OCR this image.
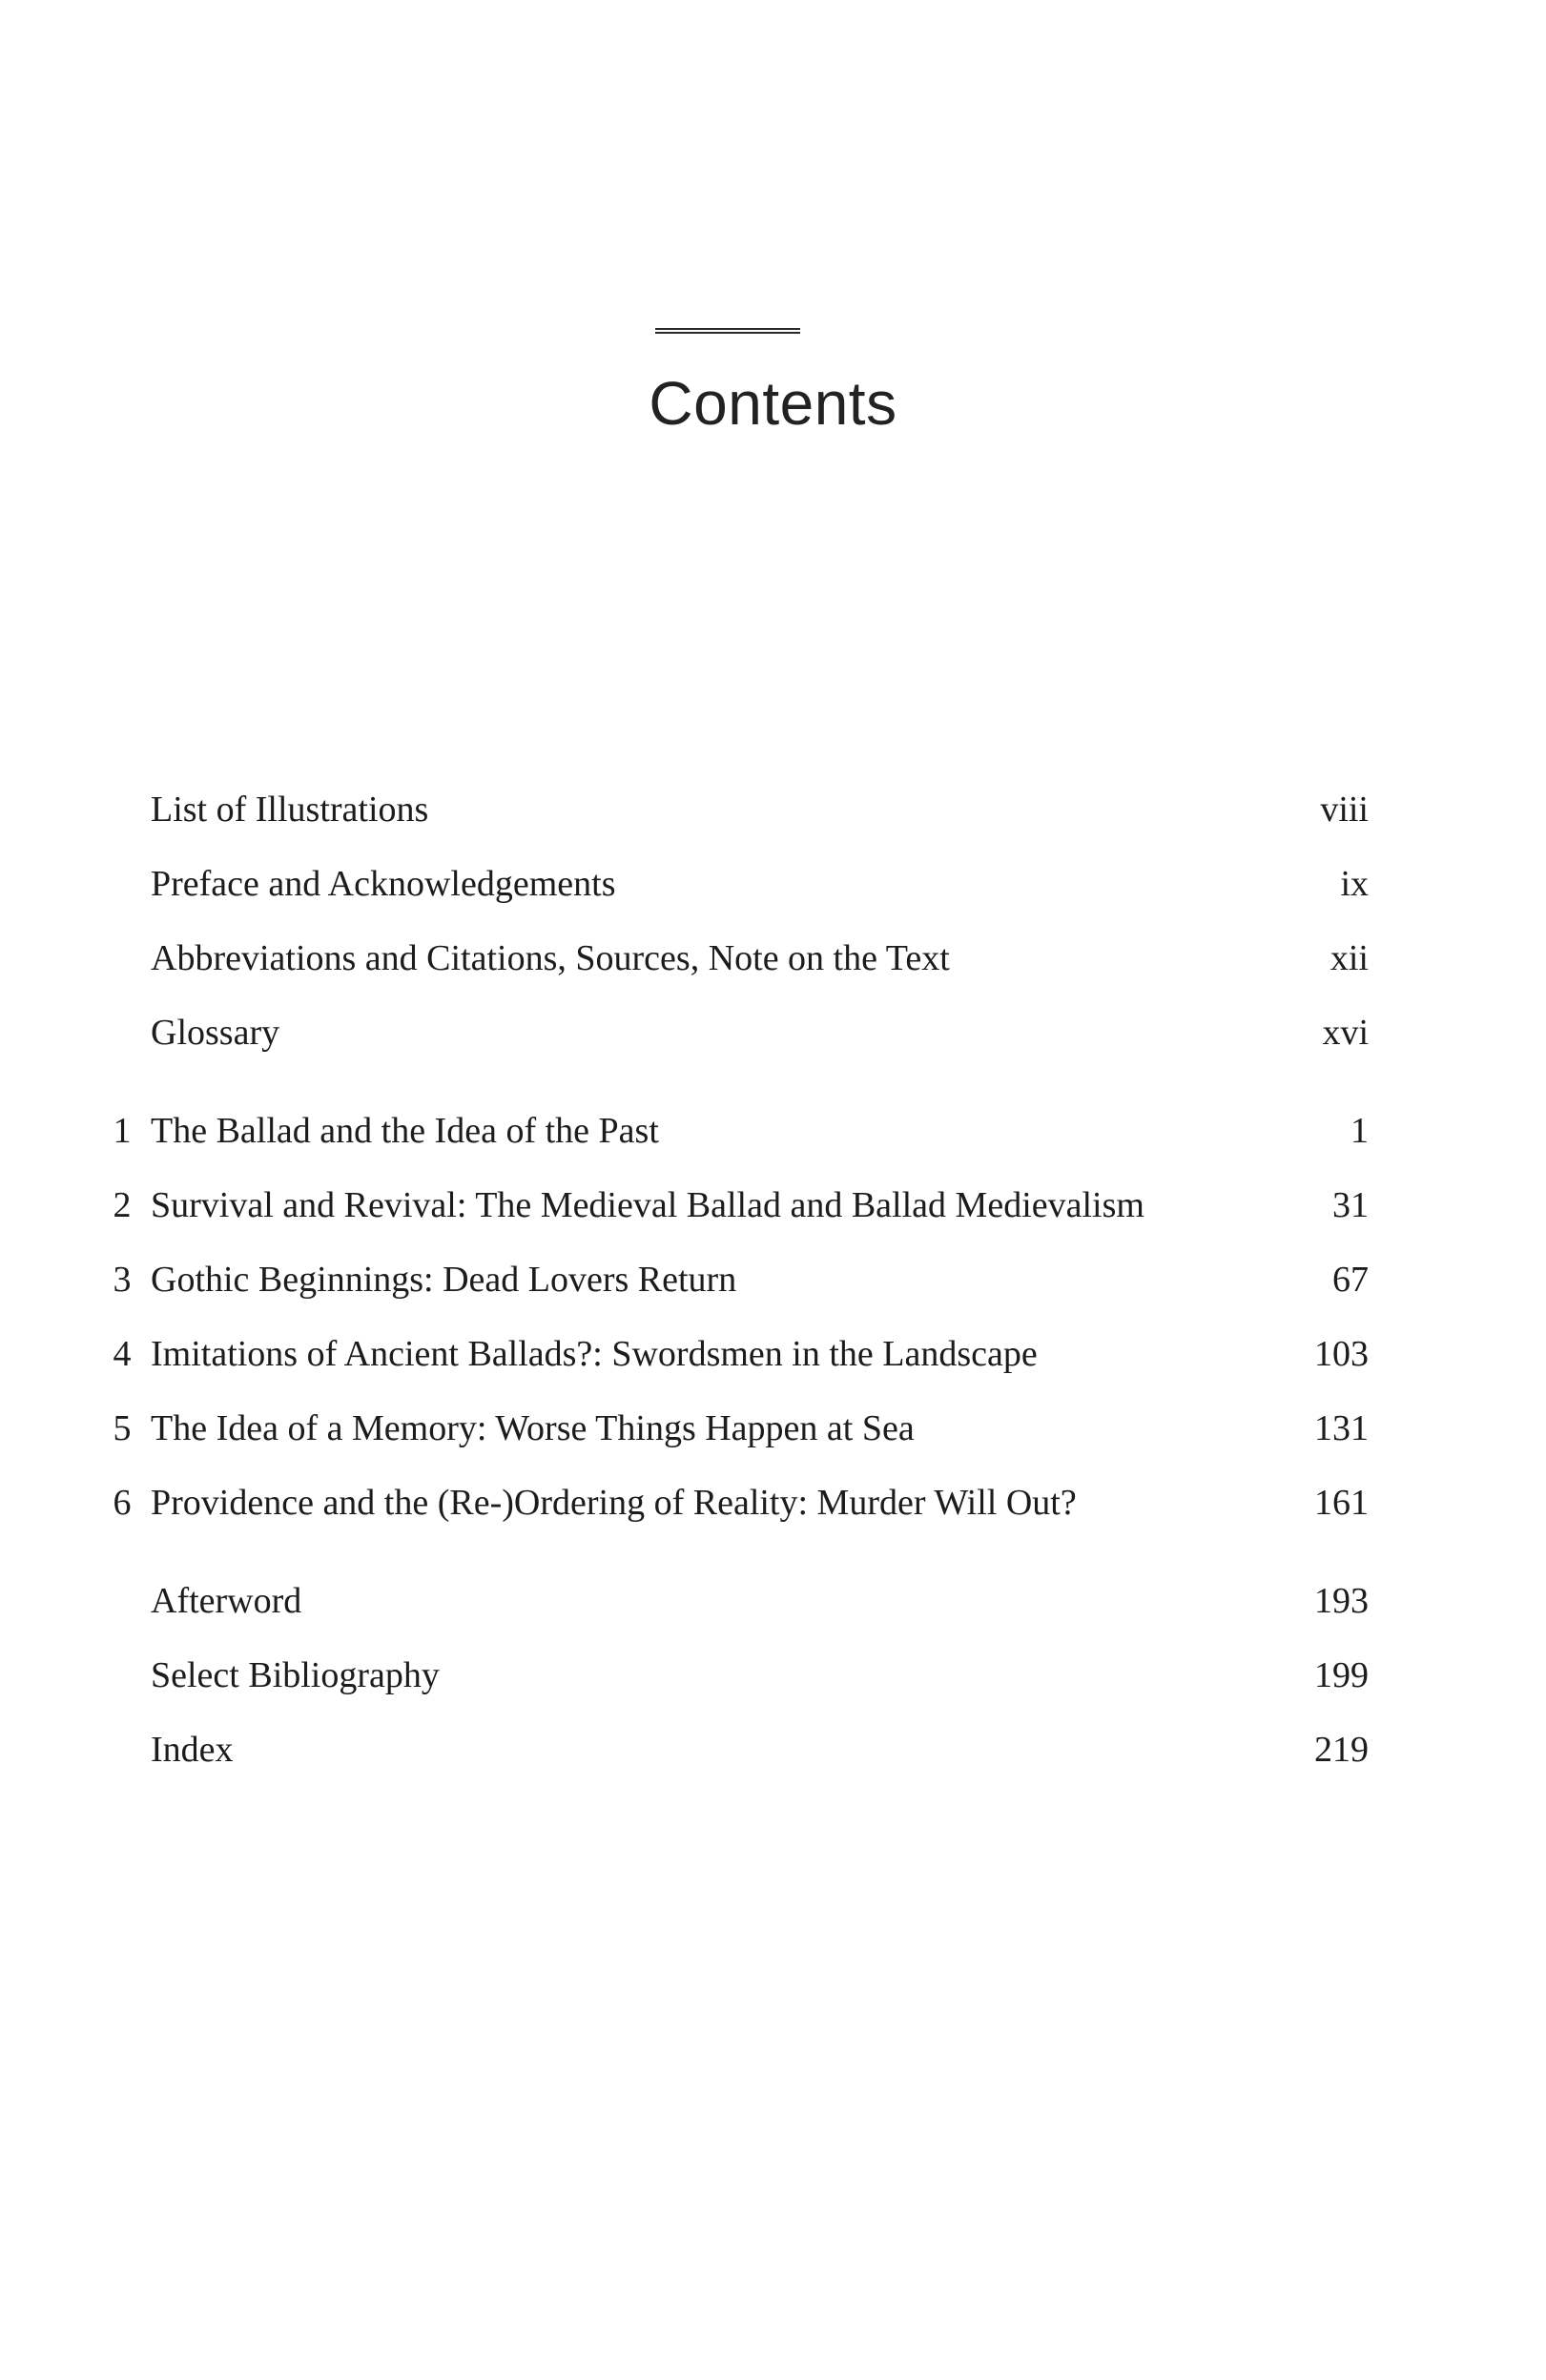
Contents
List of Illustrations	viii
Preface and Acknowledgements	ix
Abbreviations and Citations, Sources, Note on the Text	xii
Glossary	xvi
1 The Ballad and the Idea of the Past	1
2 Survival and Revival: The Medieval Ballad and Ballad Medievalism	31
3 Gothic Beginnings: Dead Lovers Return	67
4 Imitations of Ancient Ballads?: Swordsmen in the Landscape	103
5 The Idea of a Memory: Worse Things Happen at Sea	131
6 Providence and the (Re-)Ordering of Reality: Murder Will Out?	161
Afterword	193
Select Bibliography	199
Index	219
